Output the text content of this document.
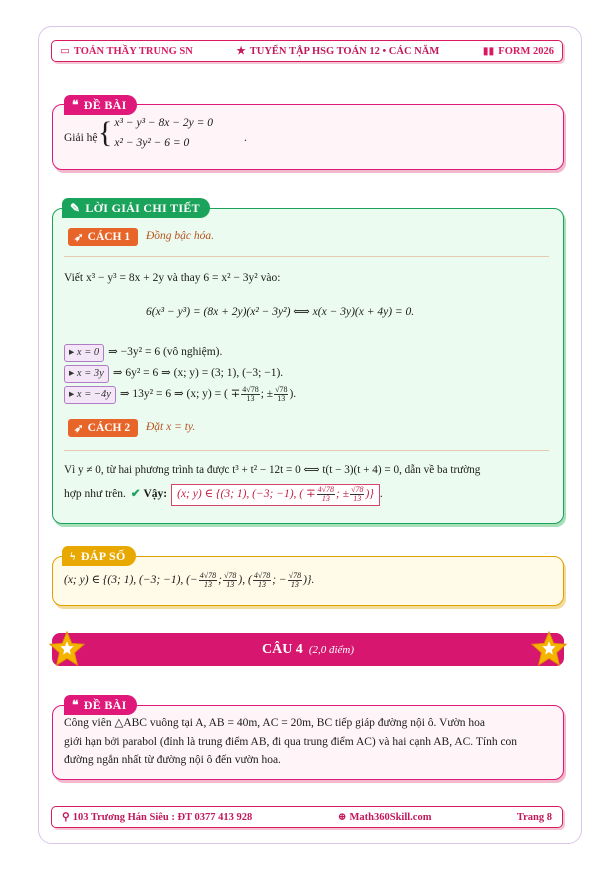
▭ TOÁN THẦY TRUNG SN	★ TUYỂN TẬP HSG TOÁN 12 • CÁC NĂM	▮▮ FORM 2026
❝ ĐỀ BÀI
Giải hệ { x³ − y³ − 8x − 2y = 0
x² − 3y² − 6 = 0	.
✎ LỜI GIẢI CHI TIẾT
➶ CÁCH 1 Đồng bậc hóa.
Viết x³ − y³ = 8x + 2y và thay 6 = x² − 3y² vào:
6(x³ − y³) = (8x + 2y)(x² − 3y²) ⟺ x(x − 3y)(x + 4y) = 0.
▸ x = 0 ⇒ −3y² = 6 (vô nghiệm).
▸ x = 3y ⇒ 6y² = 6 ⇒ (x; y) = (3; 1), (−3; −1).
▸ x = −4y ⇒ 13y² = 6 ⇒ (x; y) = ( ∓ $\frac{4√78}{13}$ ; ± $\frac{√78}{13}$ ).
➶ CÁCH 2 Đặt x = ty.
Vì y ≠ 0, từ hai phương trình ta được t³ + t² − 12t = 0 ⟺ t(t − 3)(t + 4) = 0, dẫn về ba trường
hợp như trên. ✔ Vậy: (x; y) ∈ {(3; 1), (−3; −1), ( ∓ $\frac{4√78}{13}$ ; ± $\frac{√78}{13}$ )} .
ϟ ĐÁP SỐ
(x; y) ∈ {(3; 1), (−3; −1), (− $\frac{4√78}{13}$ ; $\frac{√78}{13}$ ), ( $\frac{4√78}{13}$ ; − $\frac{√78}{13}$ )}.
CÂU 4 (2,0 điểm)
❝ ĐỀ BÀI
Công viên △ABC vuông tại A, AB = 40m, AC = 20m, BC tiếp giáp đường nội ô. Vườn hoa
giới hạn bởi parabol (đỉnh là trung điểm AB, đi qua trung điểm AC) và hai cạnh AB, AC. Tính con
đường ngắn nhất từ đường nội ô đến vườn hoa.
⚲ 103 Trương Hán Siêu : ĐT 0377 413 928	⊕ Math360Skill.com	Trang 8
